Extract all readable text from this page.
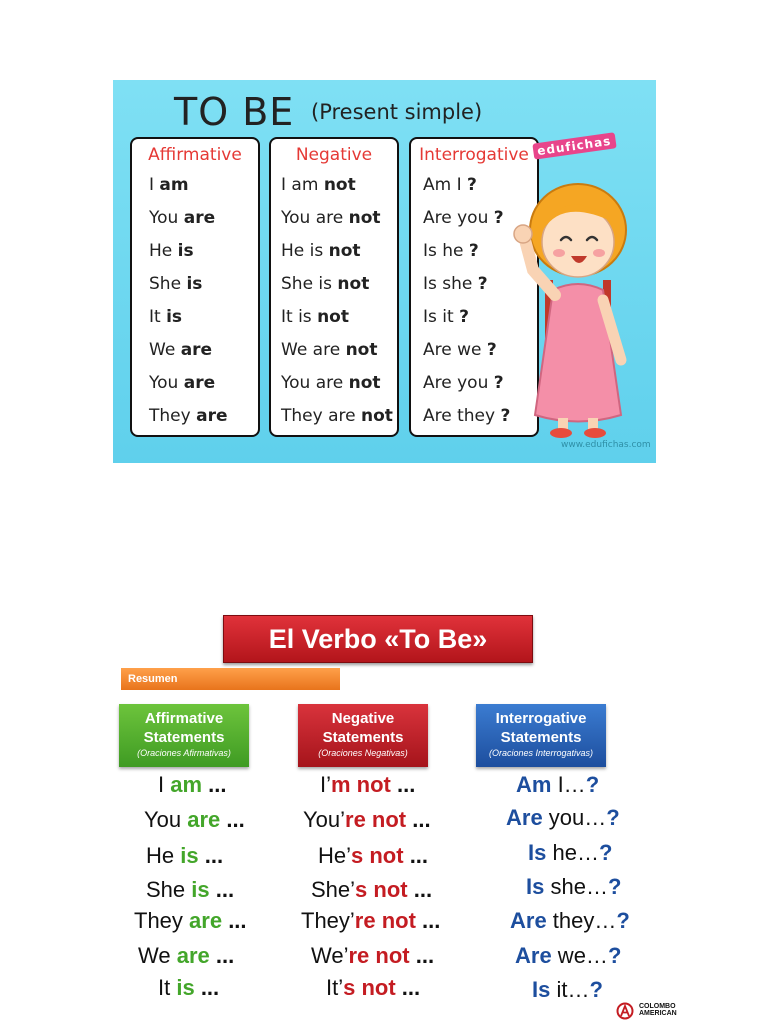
TO BE (Present simple)
Affirmative
I am
You are
He is
She is
It is
We are
You are
They are
Negative
I am not
You are not
He is not
She is not
It is not
We are not
You are not
They are not
Interrogative
Am I ?
Are you ?
Is he ?
Is she ?
Is it ?
Are we ?
Are you ?
Are they ?
edufichas
www.edufichas.com
El Verbo «To Be»
Resumen
Affirmative
Statements
(Oraciones Afirmativas)
Negative
Statements
(Oraciones Negativas)
Interrogative
Statements
(Oraciones Interrogativas)
I am ...
You are ...
He is ...
She is ...
They are ...
We are ...
It is ...
I’m not ...
You’re not ...
He’s not ...
She’s not ...
They’re not ...
We’re not ...
It’s not ...
Am I…?
Are you…?
Is he…?
Is she…?
Are they…?
Are we…?
Is it…?
COLOMBO
AMERICAN
